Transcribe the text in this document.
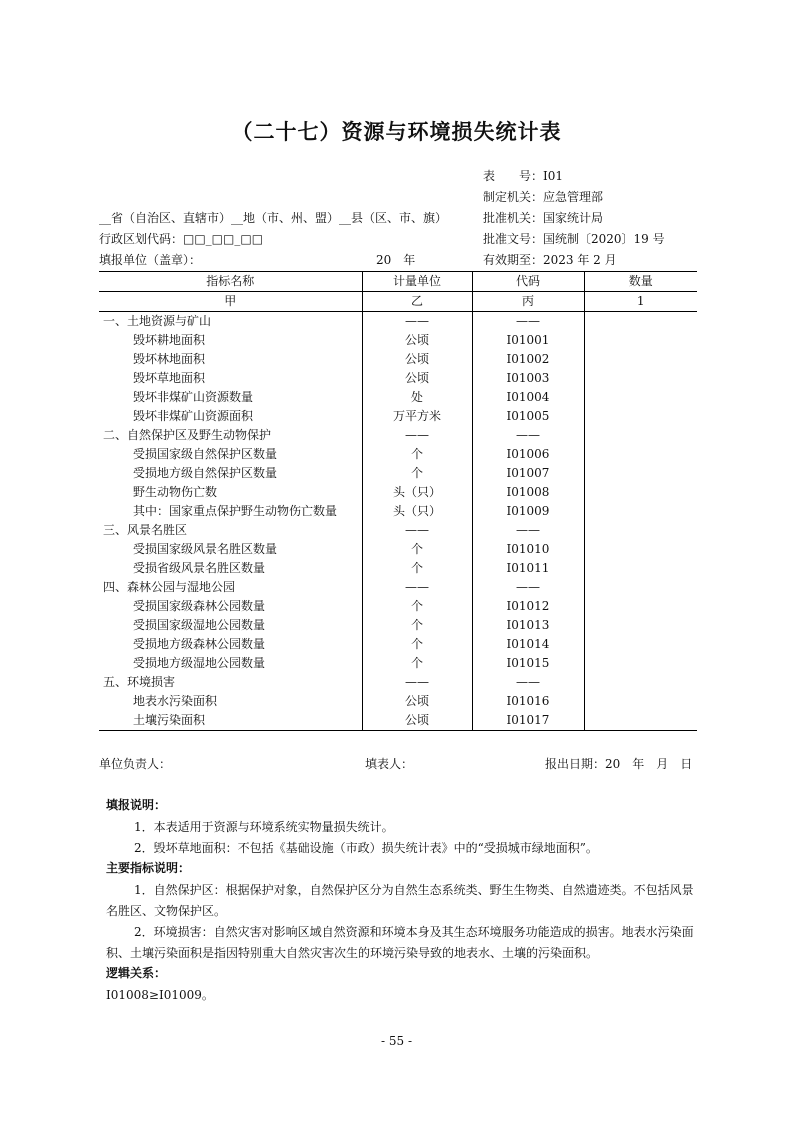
（二十七）资源与环境损失统计表
表　　号：I01
制定机关：应急管理部
批准机关：国家统计局
批准文号：国统制〔2020〕19 号
有效期至：2023 年 2 月
__省（自治区、直辖市）__地（市、州、盟）__县（区、市、旗）
行政区划代码：□□_□□_□□
填报单位（盖章）：	20　年
指标名称	计量单位	代码	数量
甲	乙	丙	1
一、土地资源与矿山	——	——	
毁坏耕地面积	公顷	I01001	
毁坏林地面积	公顷	I01002	
毁坏草地面积	公顷	I01003	
毁坏非煤矿山资源数量	处	I01004	
毁坏非煤矿山资源面积	万平方米	I01005	
二、自然保护区及野生动物保护	——	——	
受损国家级自然保护区数量	个	I01006	
受损地方级自然保护区数量	个	I01007	
野生动物伤亡数	头（只）	I01008	
其中：国家重点保护野生动物伤亡数量	头（只）	I01009	
三、风景名胜区	——	——	
受损国家级风景名胜区数量	个	I01010	
受损省级风景名胜区数量	个	I01011	
四、森林公园与湿地公园	——	——	
受损国家级森林公园数量	个	I01012	
受损国家级湿地公园数量	个	I01013	
受损地方级森林公园数量	个	I01014	
受损地方级湿地公园数量	个	I01015	
五、环境损害	——	——	
地表水污染面积	公顷	I01016	
土壤污染面积	公顷	I01017	
单位负责人：	填表人：	报出日期：20　年　月　日
填报说明：
1．本表适用于资源与环境系统实物量损失统计。
2．毁坏草地面积：不包括《基础设施（市政）损失统计表》中的“受损城市绿地面积”。
主要指标说明：
1．自然保护区：根据保护对象，自然保护区分为自然生态系统类、野生生物类、自然遗迹类。不包括风景
名胜区、文物保护区。
2．环境损害：自然灾害对影响区域自然资源和环境本身及其生态环境服务功能造成的损害。地表水污染面
积、土壤污染面积是指因特别重大自然灾害次生的环境污染导致的地表水、土壤的污染面积。
逻辑关系：
I01008≥I01009。
- 55 -
